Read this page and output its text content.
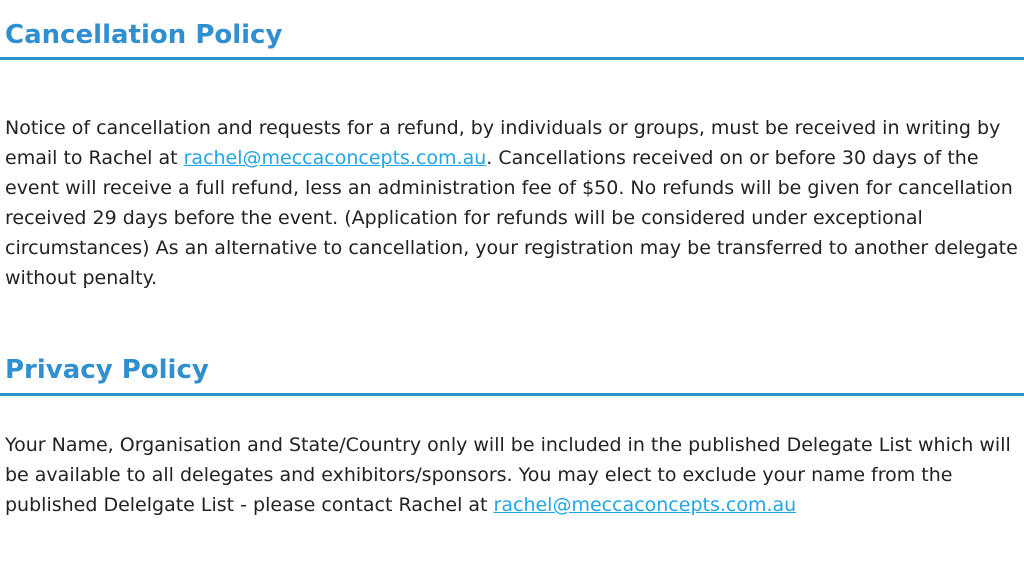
Cancellation Policy

Notice of cancellation and requests for a refund, by individuals or groups, must be received in writing by email to Rachel at rachel@meccaconcepts.com.au. Cancellations received on or before 30 days of the event will receive a full refund, less an administration fee of $50. No refunds will be given for cancellation received 29 days before the event. (Application for refunds will be considered under exceptional circumstances) As an alternative to cancellation, your registration may be transferred to another delegate without penalty.

Privacy Policy

Your Name, Organisation and State/Country only will be included in the published Delegate List which will be available to all delegates and exhibitors/sponsors. You may elect to exclude your name from the published Delelgate List - please contact Rachel at rachel@meccaconcepts.com.au
